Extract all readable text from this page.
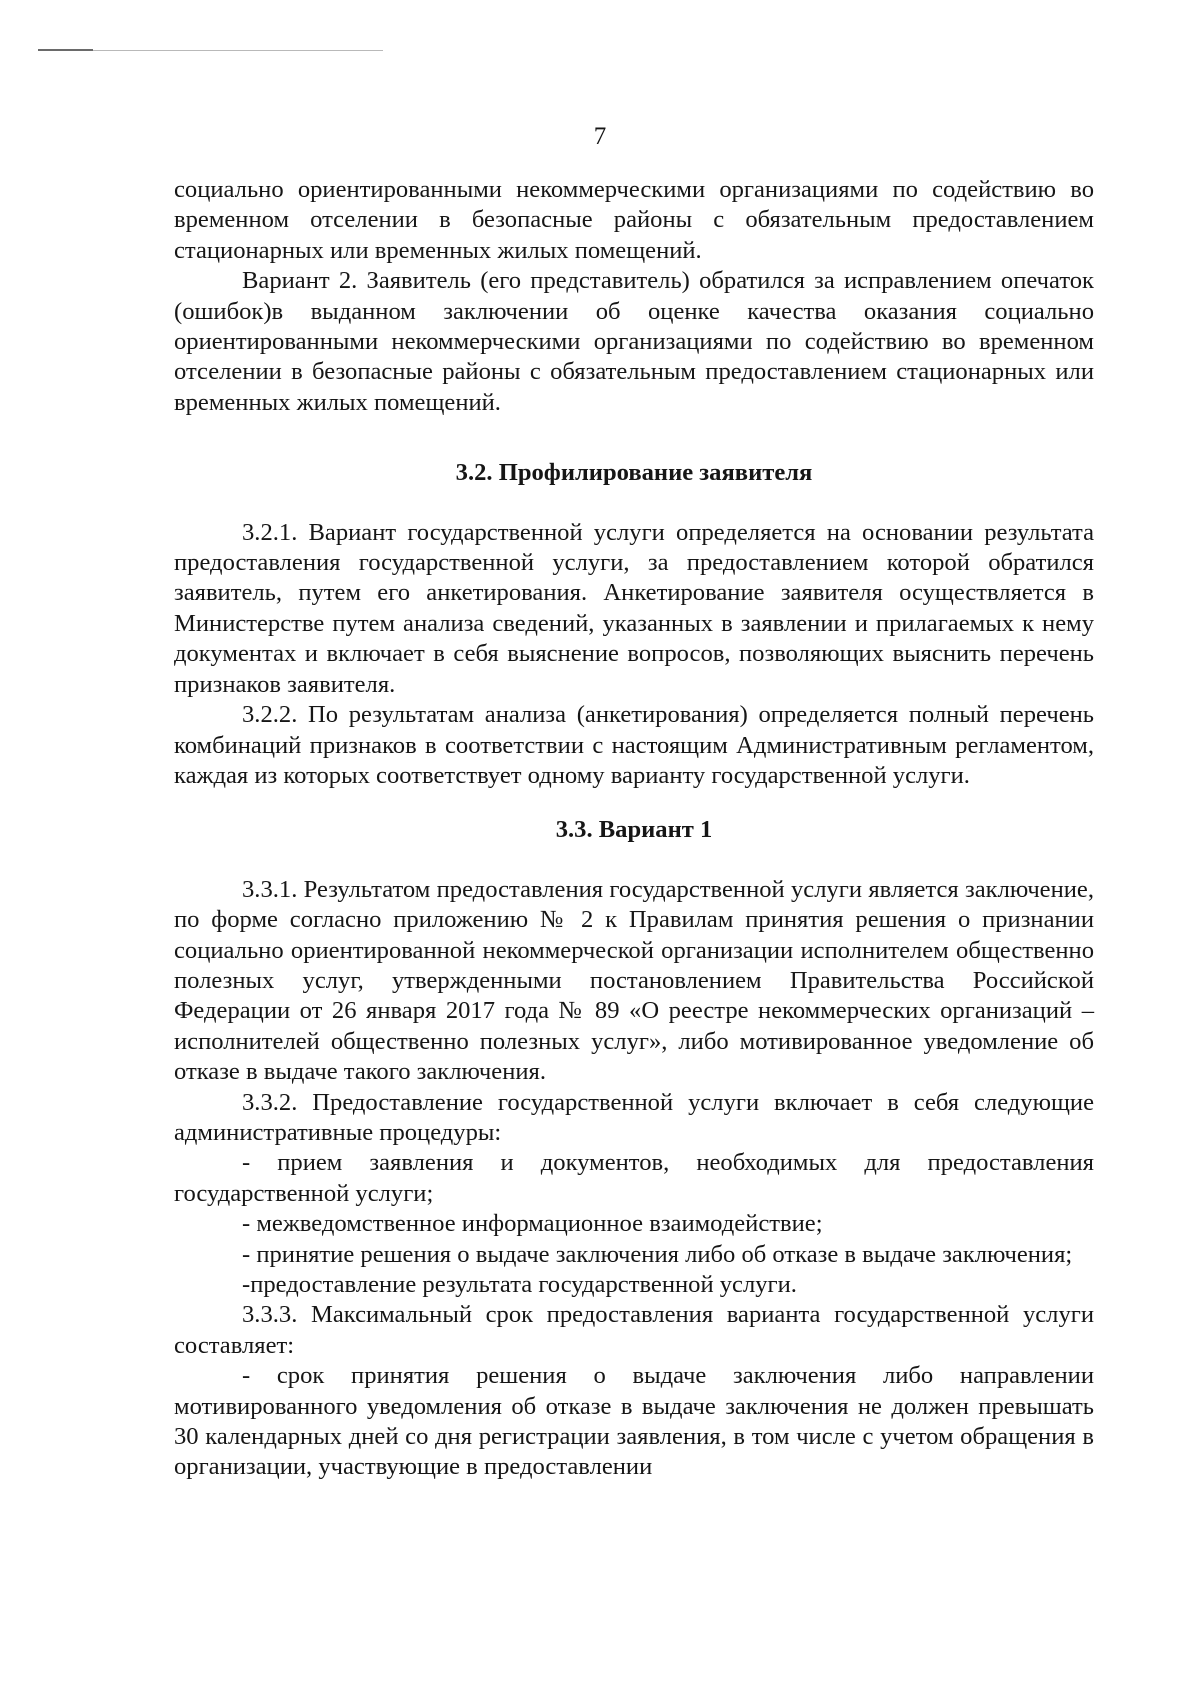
7

социально ориентированными некоммерческими организациями по содействию во временном отселении в безопасные районы с обязательным предоставлением стационарных или временных жилых помещений.

Вариант 2. Заявитель (его представитель) обратился за исправлением опечаток (ошибок)в выданном заключении об оценке качества оказания социально ориентированными некоммерческими организациями по содействию во временном отселении в безопасные районы с обязательным предоставлением стационарных или временных жилых помещений.

3.2. Профилирование заявителя

3.2.1. Вариант государственной услуги определяется на основании результата предоставления государственной услуги, за предоставлением которой обратился заявитель, путем его анкетирования. Анкетирование заявителя осуществляется в Министерстве путем анализа сведений, указанных в заявлении и прилагаемых к нему документах и включает в себя выяснение вопросов, позволяющих выяснить перечень признаков заявителя.

3.2.2. По результатам анализа (анкетирования) определяется полный перечень комбинаций признаков в соответствии с настоящим Административным регламентом, каждая из которых соответствует одному варианту государственной услуги.

3.3. Вариант 1

3.3.1. Результатом предоставления государственной услуги является заключение, по форме согласно приложению № 2 к Правилам принятия решения о признании социально ориентированной некоммерческой организации исполнителем общественно полезных услуг, утвержденными постановлением Правительства Российской Федерации от 26 января 2017 года № 89 «О реестре некоммерческих организаций – исполнителей общественно полезных услуг», либо мотивированное уведомление об отказе в выдаче такого заключения.

3.3.2. Предоставление государственной услуги включает в себя следующие административные процедуры:

- прием заявления и документов, необходимых для предоставления государственной услуги;

- межведомственное информационное взаимодействие;

- принятие решения о выдаче заключения либо об отказе в выдаче заключения;

-предоставление результата государственной услуги.

3.3.3. Максимальный срок предоставления варианта государственной услуги составляет:

- срок принятия решения о выдаче заключения либо направлении мотивированного уведомления об отказе в выдаче заключения не должен превышать 30 календарных дней со дня регистрации заявления, в том числе с учетом обращения в организации, участвующие в предоставлении
